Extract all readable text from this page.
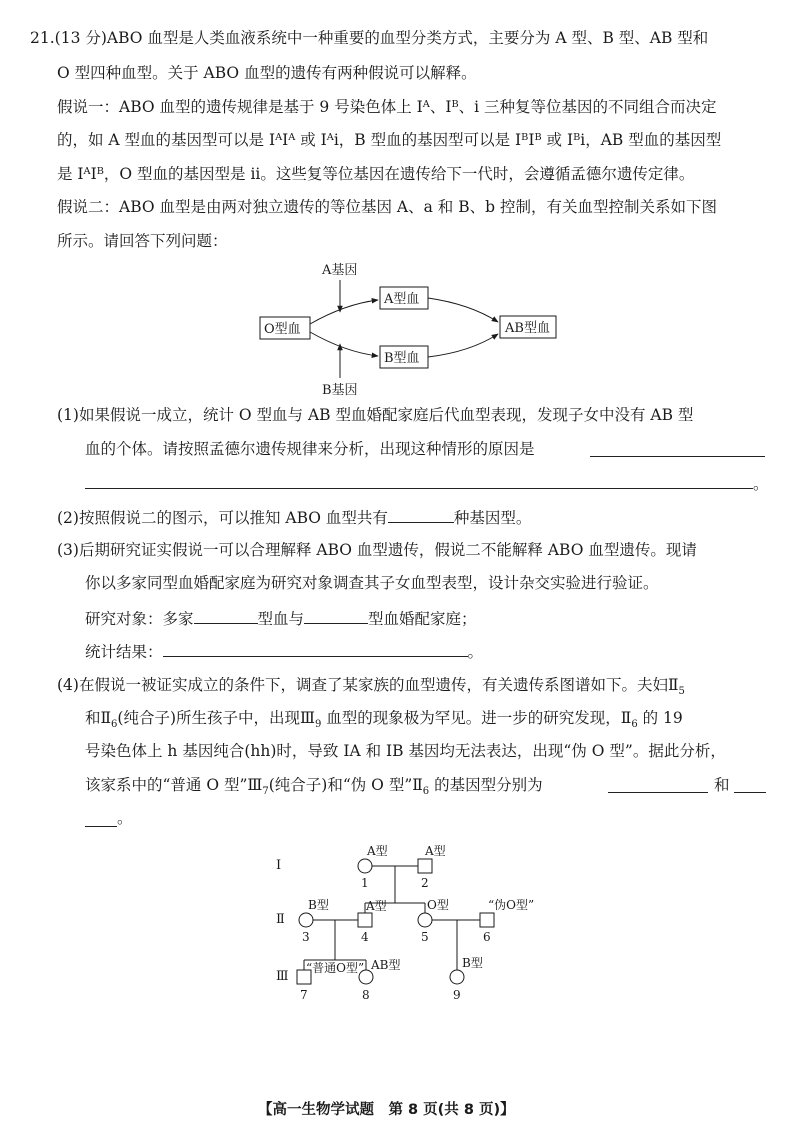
21.(13 分)ABO 血型是人类血液系统中一种重要的血型分类方式，主要分为 A 型、B 型、AB 型和
O 型四种血型。关于 ABO 血型的遗传有两种假说可以解释。
假说一：ABO 血型的遗传规律是基于 9 号染色体上 Iᴬ、Iᴮ、i 三种复等位基因的不同组合而决定
的，如 A 型血的基因型可以是 IᴬIᴬ 或 Iᴬi，B 型血的基因型可以是 IᴮIᴮ 或 Iᴮi，AB 型血的基因型
是 IᴬIᴮ，O 型血的基因型是 ii。这些复等位基因在遗传给下一代时，会遵循孟德尔遗传定律。
假说二：ABO 血型是由两对独立遗传的等位基因 A、a 和 B、b 控制，有关血型控制关系如下图
所示。请回答下列问题：
A基因
O型血
A型血
B型血
AB型血
B基因
(1)如果假说一成立，统计 O 型血与 AB 型血婚配家庭后代血型表现，发现子女中没有 AB 型
血的个体。请按照孟德尔遗传规律来分析，出现这种情形的原因是
。
(2)按照假说二的图示，可以推知 ABO 血型共有	种基因型。
(3)后期研究证实假说一可以合理解释 ABO 血型遗传，假说二不能解释 ABO 血型遗传。现请
你以多家同型血婚配家庭为研究对象调查其子女血型表型，设计杂交实验进行验证。
研究对象：多家	型血与	型血婚配家庭；
统计结果：	。
(4)在假说一被证实成立的条件下，调查了某家族的血型遗传，有关遗传系图谱如下。夫妇$Ⅱ_5$
和$Ⅱ_6$(纯合子)所生孩子中，出现$Ⅲ_9$ 血型的现象极为罕见。进一步的研究发现，$Ⅱ_6$ 的 19
号染色体上 h 基因纯合(hh)时，导致 IA 和 IB 基因均无法表达，出现“伪 O 型”。据此分析，
该家系中的“普通 O 型$”Ⅲ_7$(纯合子)和“伪 O 型$”Ⅱ_6$ 的基因型分别为	和
。
Ⅰ
Ⅱ
Ⅲ
A型	A型
1	2
B型	A型	O型	“伪O型”
3	4	5	6
“普通O型” AB型	B型
7	8	9
【高一生物学试题　第 8 页(共 8 页)】
